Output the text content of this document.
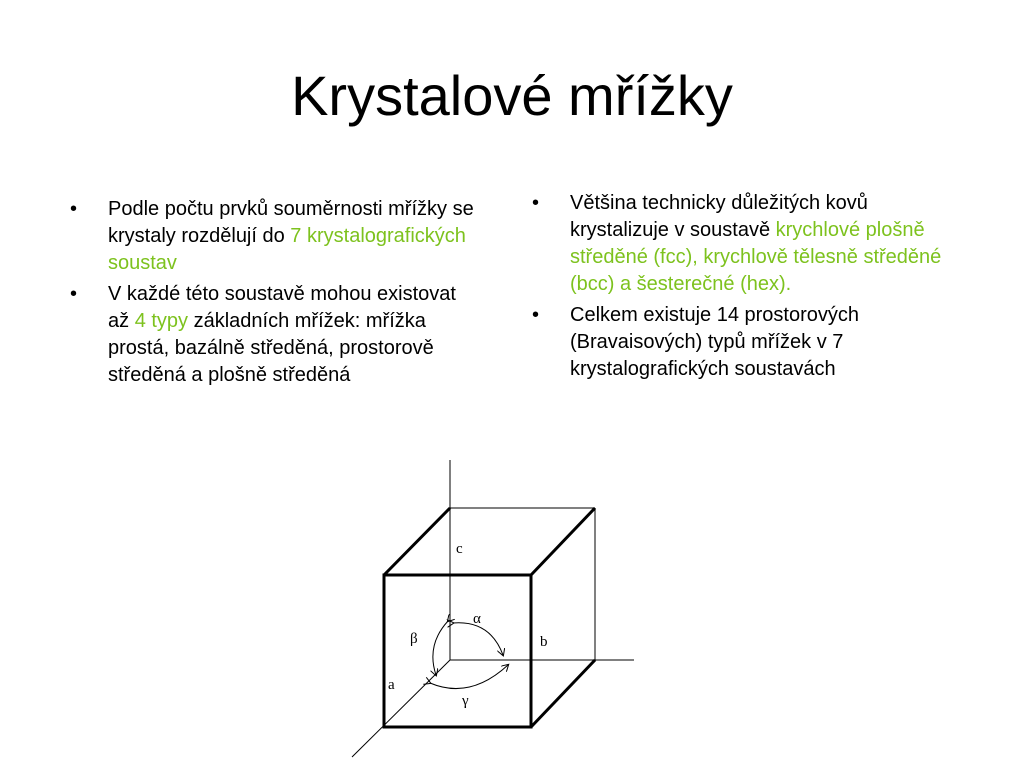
Krystalové mřížky
• Podle počtu prvků souměrnosti mřížky se krystaly rozdělují do 7 krystalografických soustav
• V každé této soustavě mohou existovat až 4 typy základních mřížek: mřížka prostá, bazálně středěná, prostorově středěná a plošně středěná
• Většina technicky důležitých kovů krystalizuje v soustavě krychlové plošně středěné (fcc), krychlově tělesně středěné (bcc) a šesterečné (hex).
• Celkem existuje 14 prostorových (Bravaisových) typů mřížek v 7 krystalografických soustavách
c
b
a
α
β
γ
